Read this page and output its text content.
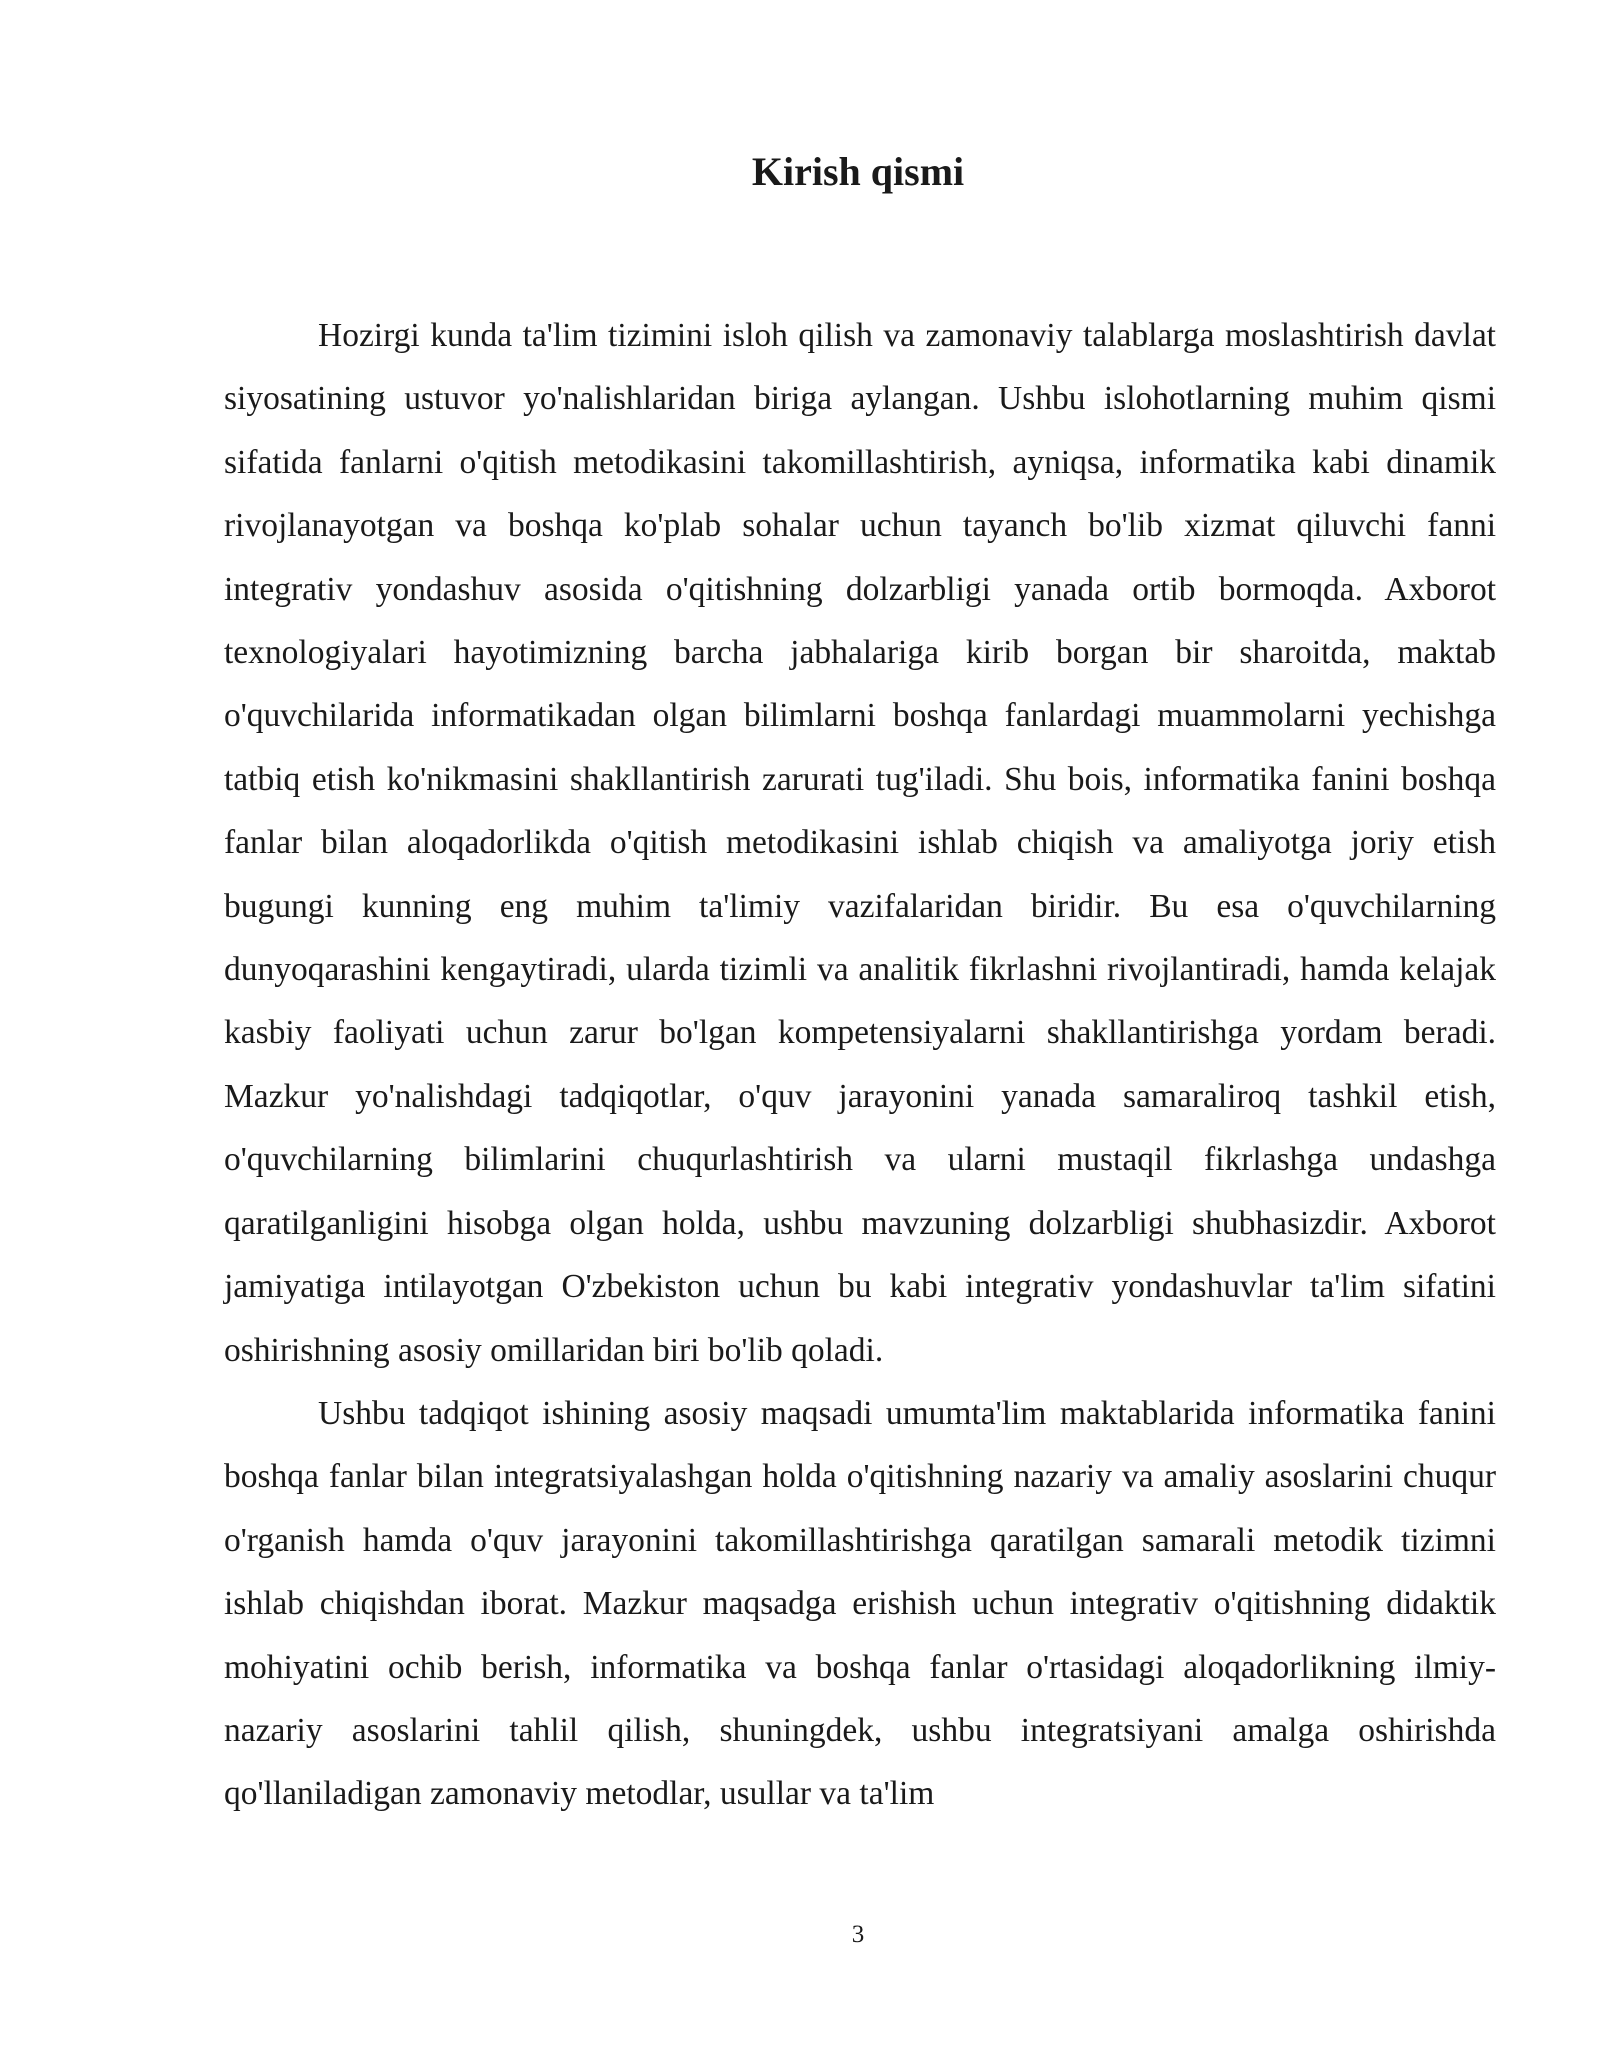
Kirish qismi

Hozirgi kunda ta'lim tizimini isloh qilish va zamonaviy talablarga moslashtirish davlat siyosatining ustuvor yo'nalishlaridan biriga aylangan. Ushbu islohotlarning muhim qismi sifatida fanlarni o'qitish metodikasini takomillashtirish, ayniqsa, informatika kabi dinamik rivojlanayotgan va boshqa ko'plab sohalar uchun tayanch bo'lib xizmat qiluvchi fanni integrativ yondashuv asosida o'qitishning dolzarbligi yanada ortib bormoqda. Axborot texnologiyalari hayotimizning barcha jabhalariga kirib borgan bir sharoitda, maktab o'quvchilarida informatikadan olgan bilimlarni boshqa fanlardagi muammolarni yechishga tatbiq etish ko'nikmasini shakllantirish zarurati tug'iladi. Shu bois, informatika fanini boshqa fanlar bilan aloqadorlikda o'qitish metodikasini ishlab chiqish va amaliyotga joriy etish bugungi kunning eng muhim ta'limiy vazifalaridan biridir. Bu esa o'quvchilarning dunyoqarashini kengaytiradi, ularda tizimli va analitik fikrlashni rivojlantiradi, hamda kelajak kasbiy faoliyati uchun zarur bo'lgan kompetensiyalarni shakllantirishga yordam beradi. Mazkur yo'nalishdagi tadqiqotlar, o'quv jarayonini yanada samaraliroq tashkil etish, o'quvchilarning bilimlarini chuqurlashtirish va ularni mustaqil fikrlashga undashga qaratilganligini hisobga olgan holda, ushbu mavzuning dolzarbligi shubhasizdir. Axborot jamiyatiga intilayotgan O'zbekiston uchun bu kabi integrativ yondashuvlar ta'lim sifatini oshirishning asosiy omillaridan biri bo'lib qoladi.

Ushbu tadqiqot ishining asosiy maqsadi umumta'lim maktablarida informatika fanini boshqa fanlar bilan integratsiyalashgan holda o'qitishning nazariy va amaliy asoslarini chuqur o'rganish hamda o'quv jarayonini takomillashtirishga qaratilgan samarali metodik tizimni ishlab chiqishdan iborat. Mazkur maqsadga erishish uchun integrativ o'qitishning didaktik mohiyatini ochib berish, informatika va boshqa fanlar o'rtasidagi aloqadorlikning ilmiy-nazariy asoslarini tahlil qilish, shuningdek, ushbu integratsiyani amalga oshirishda qo'llaniladigan zamonaviy metodlar, usullar va ta'lim

3
